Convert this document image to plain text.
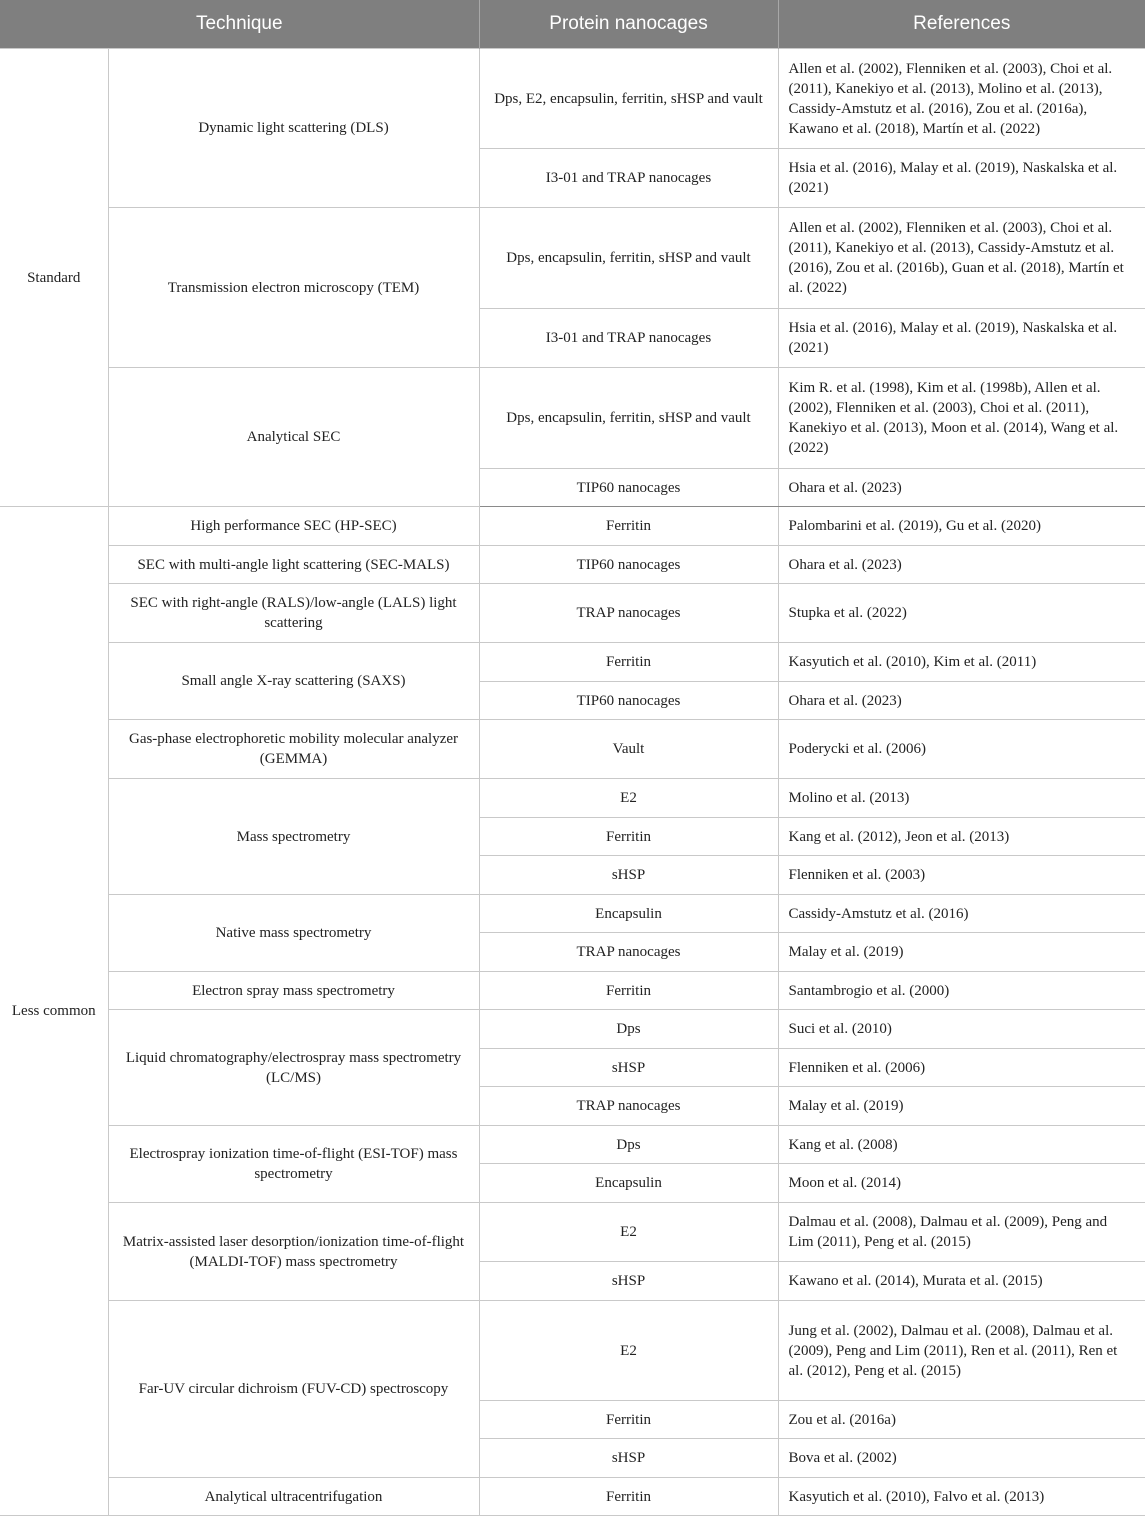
Technique		Protein nanocages	References
Standard	Dynamic light scattering (DLS)	Dps, E2, encapsulin, ferritin, sHSP and vault	Allen et al. (2002), Flenniken et al. (2003), Choi et al. (2011), Kanekiyo et al. (2013), Molino et al. (2013), Cassidy-Amstutz et al. (2016), Zou et al. (2016a), Kawano et al. (2018), Martín et al. (2022)
		I3-01 and TRAP nanocages	Hsia et al. (2016), Malay et al. (2019), Naskalska et al. (2021)
	Transmission electron microscopy (TEM)	Dps, encapsulin, ferritin, sHSP and vault	Allen et al. (2002), Flenniken et al. (2003), Choi et al. (2011), Kanekiyo et al. (2013), Cassidy-Amstutz et al. (2016), Zou et al. (2016b), Guan et al. (2018), Martín et al. (2022)
		I3-01 and TRAP nanocages	Hsia et al. (2016), Malay et al. (2019), Naskalska et al. (2021)
	Analytical SEC	Dps, encapsulin, ferritin, sHSP and vault	Kim R. et al. (1998), Kim et al. (1998b), Allen et al. (2002), Flenniken et al. (2003), Choi et al. (2011), Kanekiyo et al. (2013), Moon et al. (2014), Wang et al. (2022)
		TIP60 nanocages	Ohara et al. (2023)
Less common	High performance SEC (HP-SEC)	Ferritin	Palombarini et al. (2019), Gu et al. (2020)
	SEC with multi-angle light scattering (SEC-MALS)	TIP60 nanocages	Ohara et al. (2023)
	SEC with right-angle (RALS)/low-angle (LALS) light scattering	TRAP nanocages	Stupka et al. (2022)
	Small angle X-ray scattering (SAXS)	Ferritin	Kasyutich et al. (2010), Kim et al. (2011)
		TIP60 nanocages	Ohara et al. (2023)
	Gas-phase electrophoretic mobility molecular analyzer (GEMMA)	Vault	Poderycki et al. (2006)
	Mass spectrometry	E2	Molino et al. (2013)
		Ferritin	Kang et al. (2012), Jeon et al. (2013)
		sHSP	Flenniken et al. (2003)
	Native mass spectrometry	Encapsulin	Cassidy-Amstutz et al. (2016)
		TRAP nanocages	Malay et al. (2019)
	Electron spray mass spectrometry	Ferritin	Santambrogio et al. (2000)
	Liquid chromatography/electrospray mass spectrometry (LC/MS)	Dps	Suci et al. (2010)
		sHSP	Flenniken et al. (2006)
		TRAP nanocages	Malay et al. (2019)
	Electrospray ionization time-of-flight (ESI-TOF) mass spectrometry	Dps	Kang et al. (2008)
		Encapsulin	Moon et al. (2014)
	Matrix-assisted laser desorption/ionization time-of-flight (MALDI-TOF) mass spectrometry	E2	Dalmau et al. (2008), Dalmau et al. (2009), Peng and Lim (2011), Peng et al. (2015)
		sHSP	Kawano et al. (2014), Murata et al. (2015)
	Far-UV circular dichroism (FUV-CD) spectroscopy	E2	Jung et al. (2002), Dalmau et al. (2008), Dalmau et al. (2009), Peng and Lim (2011), Ren et al. (2011), Ren et al. (2012), Peng et al. (2015)
		Ferritin	Zou et al. (2016a)
		sHSP	Bova et al. (2002)
	Analytical ultracentrifugation	Ferritin	Kasyutich et al. (2010), Falvo et al. (2013)
